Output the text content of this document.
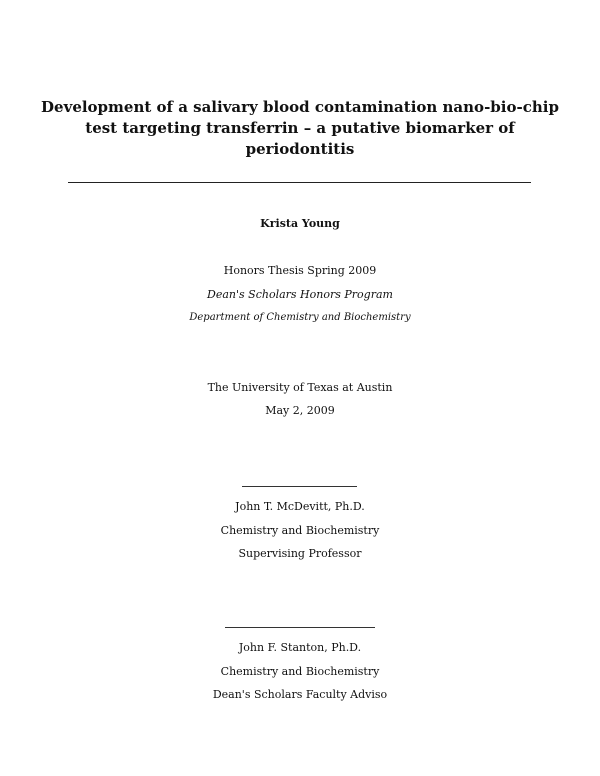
Development of a salivary blood contamination nano-bio-chip
test targeting transferrin – a putative biomarker of
periodontitis
Krista Young
Honors Thesis Spring 2009
Dean's Scholars Honors Program
Department of Chemistry and Biochemistry
The University of Texas at Austin
May 2, 2009
John T. McDevitt, Ph.D.
Chemistry and Biochemistry
Supervising Professor
John F. Stanton, Ph.D.
Chemistry and Biochemistry
Dean's Scholars Faculty Adviso
